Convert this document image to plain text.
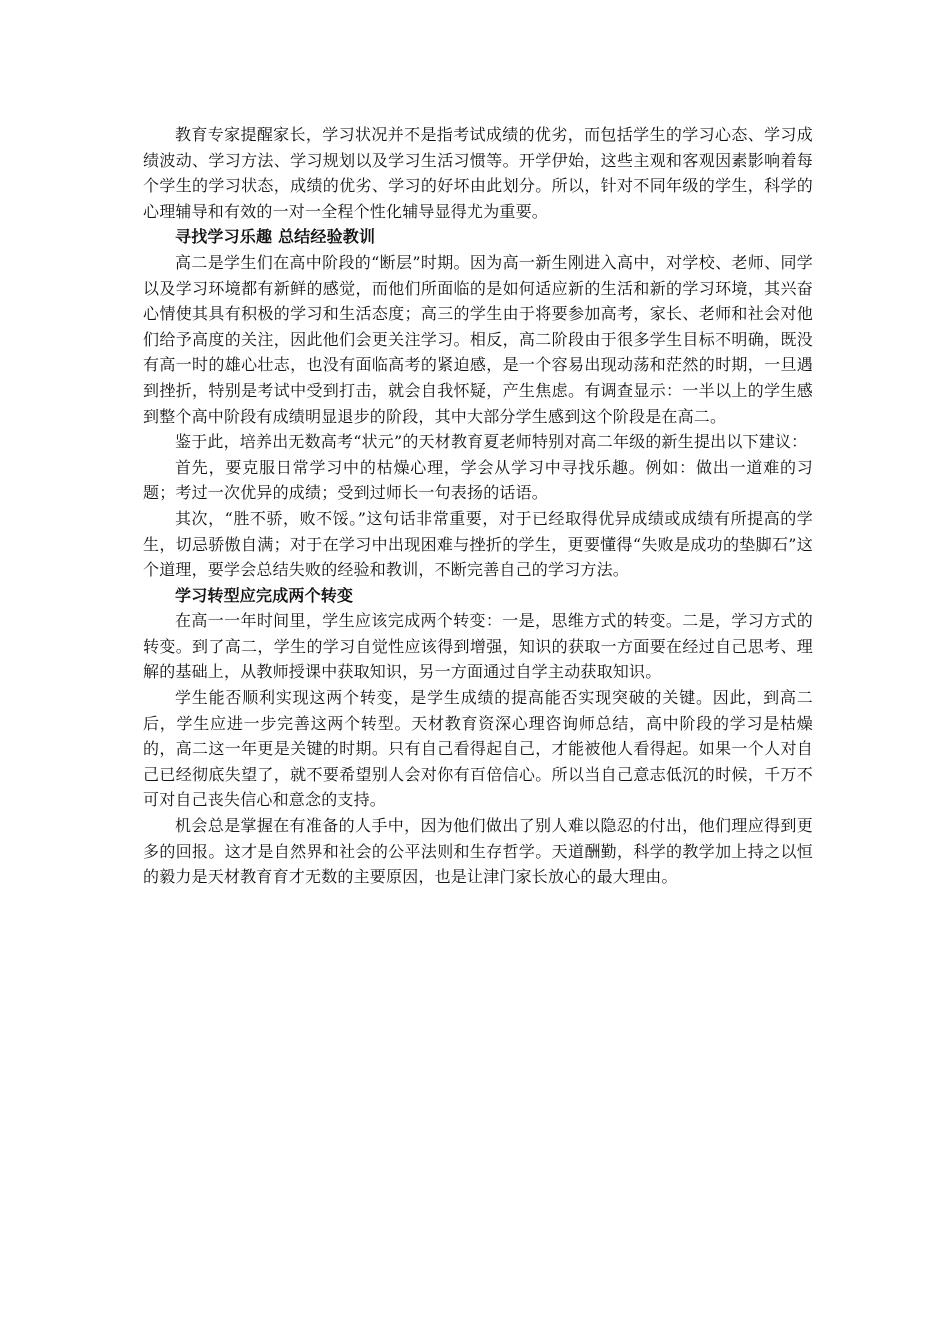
教育专家提醒家长，学习状况并不是指考试成绩的优劣，而包括学生的学习心态、学习成绩波动、学习方法、学习规划以及学习生活习惯等。开学伊始，这些主观和客观因素影响着每个学生的学习状态，成绩的优劣、学习的好坏由此划分。所以，针对不同年级的学生，科学的心理辅导和有效的一对一全程个性化辅导显得尤为重要。

寻找学习乐趣 总结经验教训

高二是学生们在高中阶段的“断层”时期。因为高一新生刚进入高中，对学校、老师、同学以及学习环境都有新鲜的感觉，而他们所面临的是如何适应新的生活和新的学习环境，其兴奋心情使其具有积极的学习和生活态度；高三的学生由于将要参加高考，家长、老师和社会对他们给予高度的关注，因此他们会更关注学习。相反，高二阶段由于很多学生目标不明确，既没有高一时的雄心壮志，也没有面临高考的紧迫感，是一个容易出现动荡和茫然的时期，一旦遇到挫折，特别是考试中受到打击，就会自我怀疑，产生焦虑。有调查显示：一半以上的学生感到整个高中阶段有成绩明显退步的阶段，其中大部分学生感到这个阶段是在高二。

鉴于此，培养出无数高考“状元”的天材教育夏老师特别对高二年级的新生提出以下建议：

首先，要克服日常学习中的枯燥心理，学会从学习中寻找乐趣。例如：做出一道难的习题；考过一次优异的成绩；受到过师长一句表扬的话语。

其次，“胜不骄，败不馁。”这句话非常重要，对于已经取得优异成绩或成绩有所提高的学生，切忌骄傲自满；对于在学习中出现困难与挫折的学生，更要懂得“失败是成功的垫脚石”这个道理，要学会总结失败的经验和教训，不断完善自己的学习方法。

学习转型应完成两个转变

在高一一年时间里，学生应该完成两个转变：一是，思维方式的转变。二是，学习方式的转变。到了高二，学生的学习自觉性应该得到增强，知识的获取一方面要在经过自己思考、理解的基础上，从教师授课中获取知识，另一方面通过自学主动获取知识。

学生能否顺利实现这两个转变，是学生成绩的提高能否实现突破的关键。因此，到高二后，学生应进一步完善这两个转型。天材教育资深心理咨询师总结，高中阶段的学习是枯燥的，高二这一年更是关键的时期。只有自己看得起自己，才能被他人看得起。如果一个人对自己已经彻底失望了，就不要希望别人会对你有百倍信心。所以当自己意志低沉的时候，千万不可对自己丧失信心和意念的支持。

机会总是掌握在有准备的人手中，因为他们做出了别人难以隐忍的付出，他们理应得到更多的回报。这才是自然界和社会的公平法则和生存哲学。天道酬勤，科学的教学加上持之以恒的毅力是天材教育育才无数的主要原因，也是让津门家长放心的最大理由。
